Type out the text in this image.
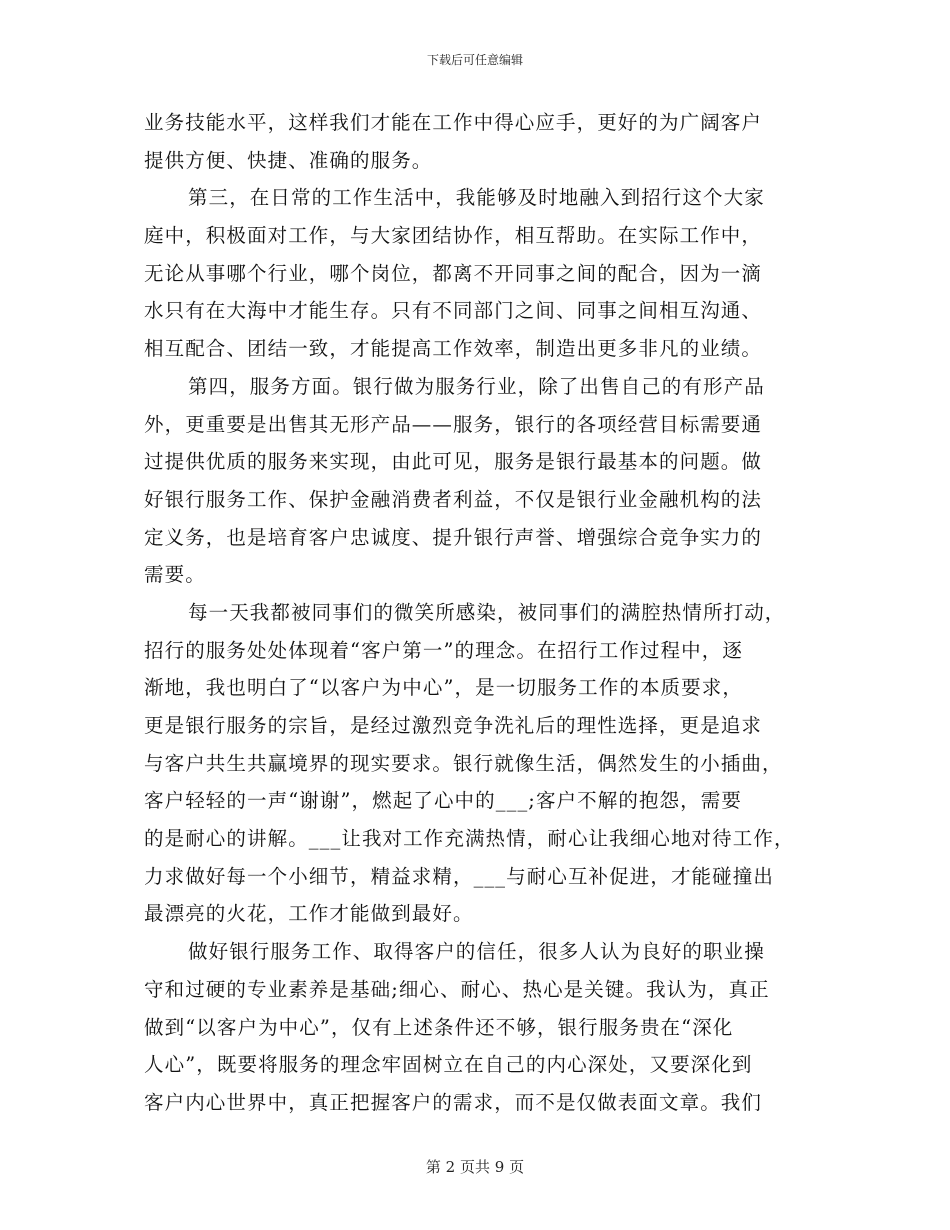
下载后可任意编辑
业务技能水平，这样我们才能在工作中得心应手，更好的为广阔客户
提供方便、快捷、准确的服务。
第三，在日常的工作生活中，我能够及时地融入到招行这个大家
庭中，积极面对工作，与大家团结协作，相互帮助。在实际工作中，
无论从事哪个行业，哪个岗位，都离不开同事之间的配合，因为一滴
水只有在大海中才能生存。只有不同部门之间、同事之间相互沟通、
相互配合、团结一致，才能提高工作效率，制造出更多非凡的业绩。
第四，服务方面。银行做为服务行业，除了出售自己的有形产品
外，更重要是出售其无形产品——服务，银行的各项经营目标需要通
过提供优质的服务来实现，由此可见，服务是银行最基本的问题。做
好银行服务工作、保护金融消费者利益，不仅是银行业金融机构的法
定义务，也是培育客户忠诚度、提升银行声誉、增强综合竞争实力的
需要。
每一天我都被同事们的微笑所感染，被同事们的满腔热情所打动，
招行的服务处处体现着“客户第一”的理念。在招行工作过程中，逐
渐地，我也明白了“以客户为中心”，是一切服务工作的本质要求，
更是银行服务的宗旨，是经过激烈竞争洗礼后的理性选择，更是追求
与客户共生共赢境界的现实要求。银行就像生活，偶然发生的小插曲，
客户轻轻的一声“谢谢”，燃起了心中的___;客户不解的抱怨，需要
的是耐心的讲解。___让我对工作充满热情，耐心让我细心地对待工作，
力求做好每一个小细节，精益求精，___与耐心互补促进，才能碰撞出
最漂亮的火花，工作才能做到最好。
做好银行服务工作、取得客户的信任，很多人认为良好的职业操
守和过硬的专业素养是基础;细心、耐心、热心是关键。我认为，真正
做到“以客户为中心”，仅有上述条件还不够，银行服务贵在“深化
人心”，既要将服务的理念牢固树立在自己的内心深处，又要深化到
客户内心世界中，真正把握客户的需求，而不是仅做表面文章。我们
第 2 页共 9 页
